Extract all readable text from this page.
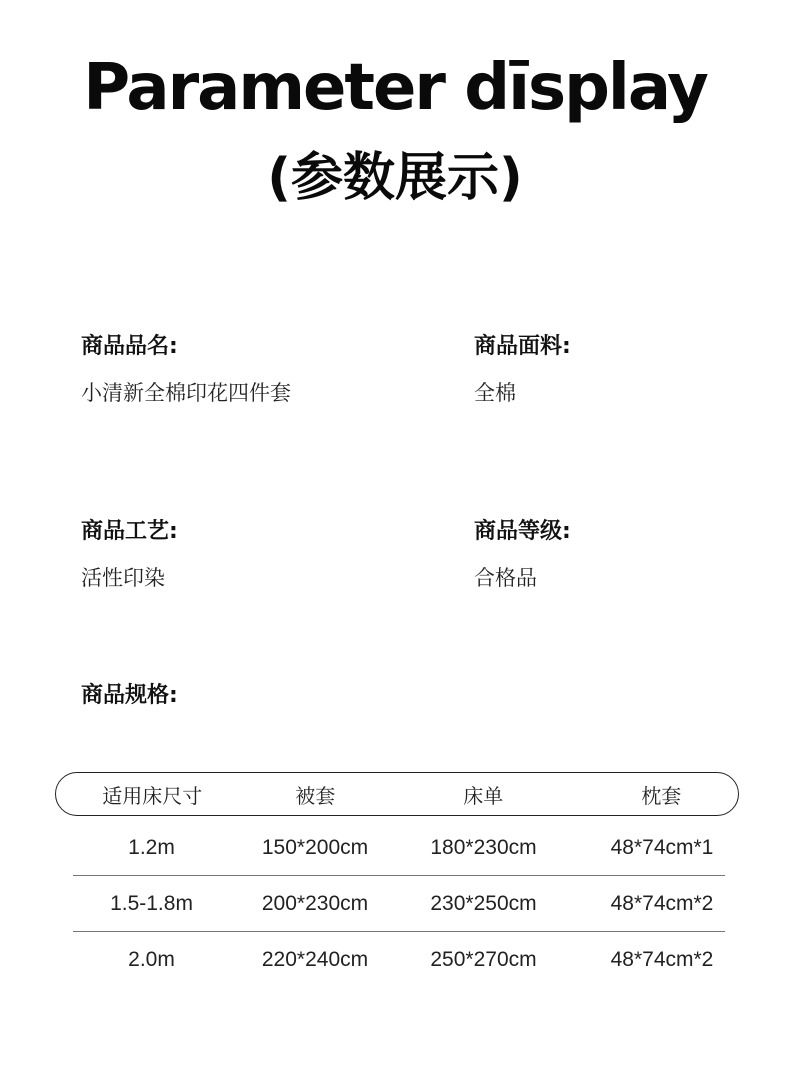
Parameter dīsplay
(参数展示)
商品品名:
小清新全棉印花四件套
商品面料:
全棉
商品工艺:
活性印染
商品等级:
合格品
商品规格:
适用床尺寸	被套	床单	枕套
1.2m	150*200cm	180*230cm	48*74cm*1
1.5-1.8m	200*230cm	230*250cm	48*74cm*2
2.0m	220*240cm	250*270cm	48*74cm*2
